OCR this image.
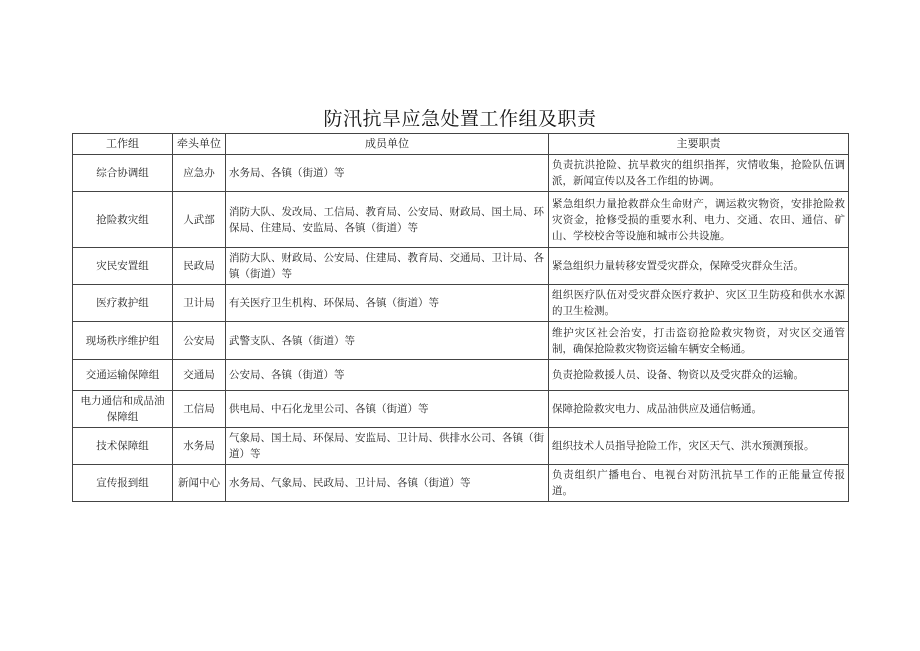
防汛抗旱应急处置工作组及职责
工作组	牵头单位	成员单位	主要职责
综合协调组	应急办	水务局、各镇（街道）等	负责抗洪抢险、抗旱救灾的组织指挥，灾情收集，抢险队伍调派，新闻宣传以及各工作组的协调。
抢险救灾组	人武部	消防大队、发改局、工信局、教育局、公安局、财政局、国土局、环保局、住建局、安监局、各镇（街道）等	紧急组织力量抢救群众生命财产，调运救灾物资，安排抢险救灾资金，抢修受损的重要水利、电力、交通、农田、通信、矿山、学校校舍等设施和城市公共设施。
灾民安置组	民政局	消防大队、财政局、公安局、住建局、教育局、交通局、卫计局、各镇（街道）等	紧急组织力量转移安置受灾群众，保障受灾群众生活。
医疗救护组	卫计局	有关医疗卫生机构、环保局、各镇（街道）等	组织医疗队伍对受灾群众医疗救护、灾区卫生防疫和供水水源的卫生检测。
现场秩序维护组	公安局	武警支队、各镇（街道）等	维护灾区社会治安，打击盗窃抢险救灾物资，对灾区交通管制，确保抢险救灾物资运输车辆安全畅通。
交通运输保障组	交通局	公安局、各镇（街道）等	负责抢险救援人员、设备、物资以及受灾群众的运输。
电力通信和成品油保障组	工信局	供电局、中石化龙里公司、各镇（街道）等	保障抢险救灾电力、成品油供应及通信畅通。
技术保障组	水务局	气象局、国土局、环保局、安监局、卫计局、供排水公司、各镇（街道）等	组织技术人员指导抢险工作，灾区天气、洪水预测预报。
宣传报到组	新闻中心	水务局、气象局、民政局、卫计局、各镇（街道）等	负责组织广播电台、电视台对防汛抗旱工作的正能量宣传报道。
